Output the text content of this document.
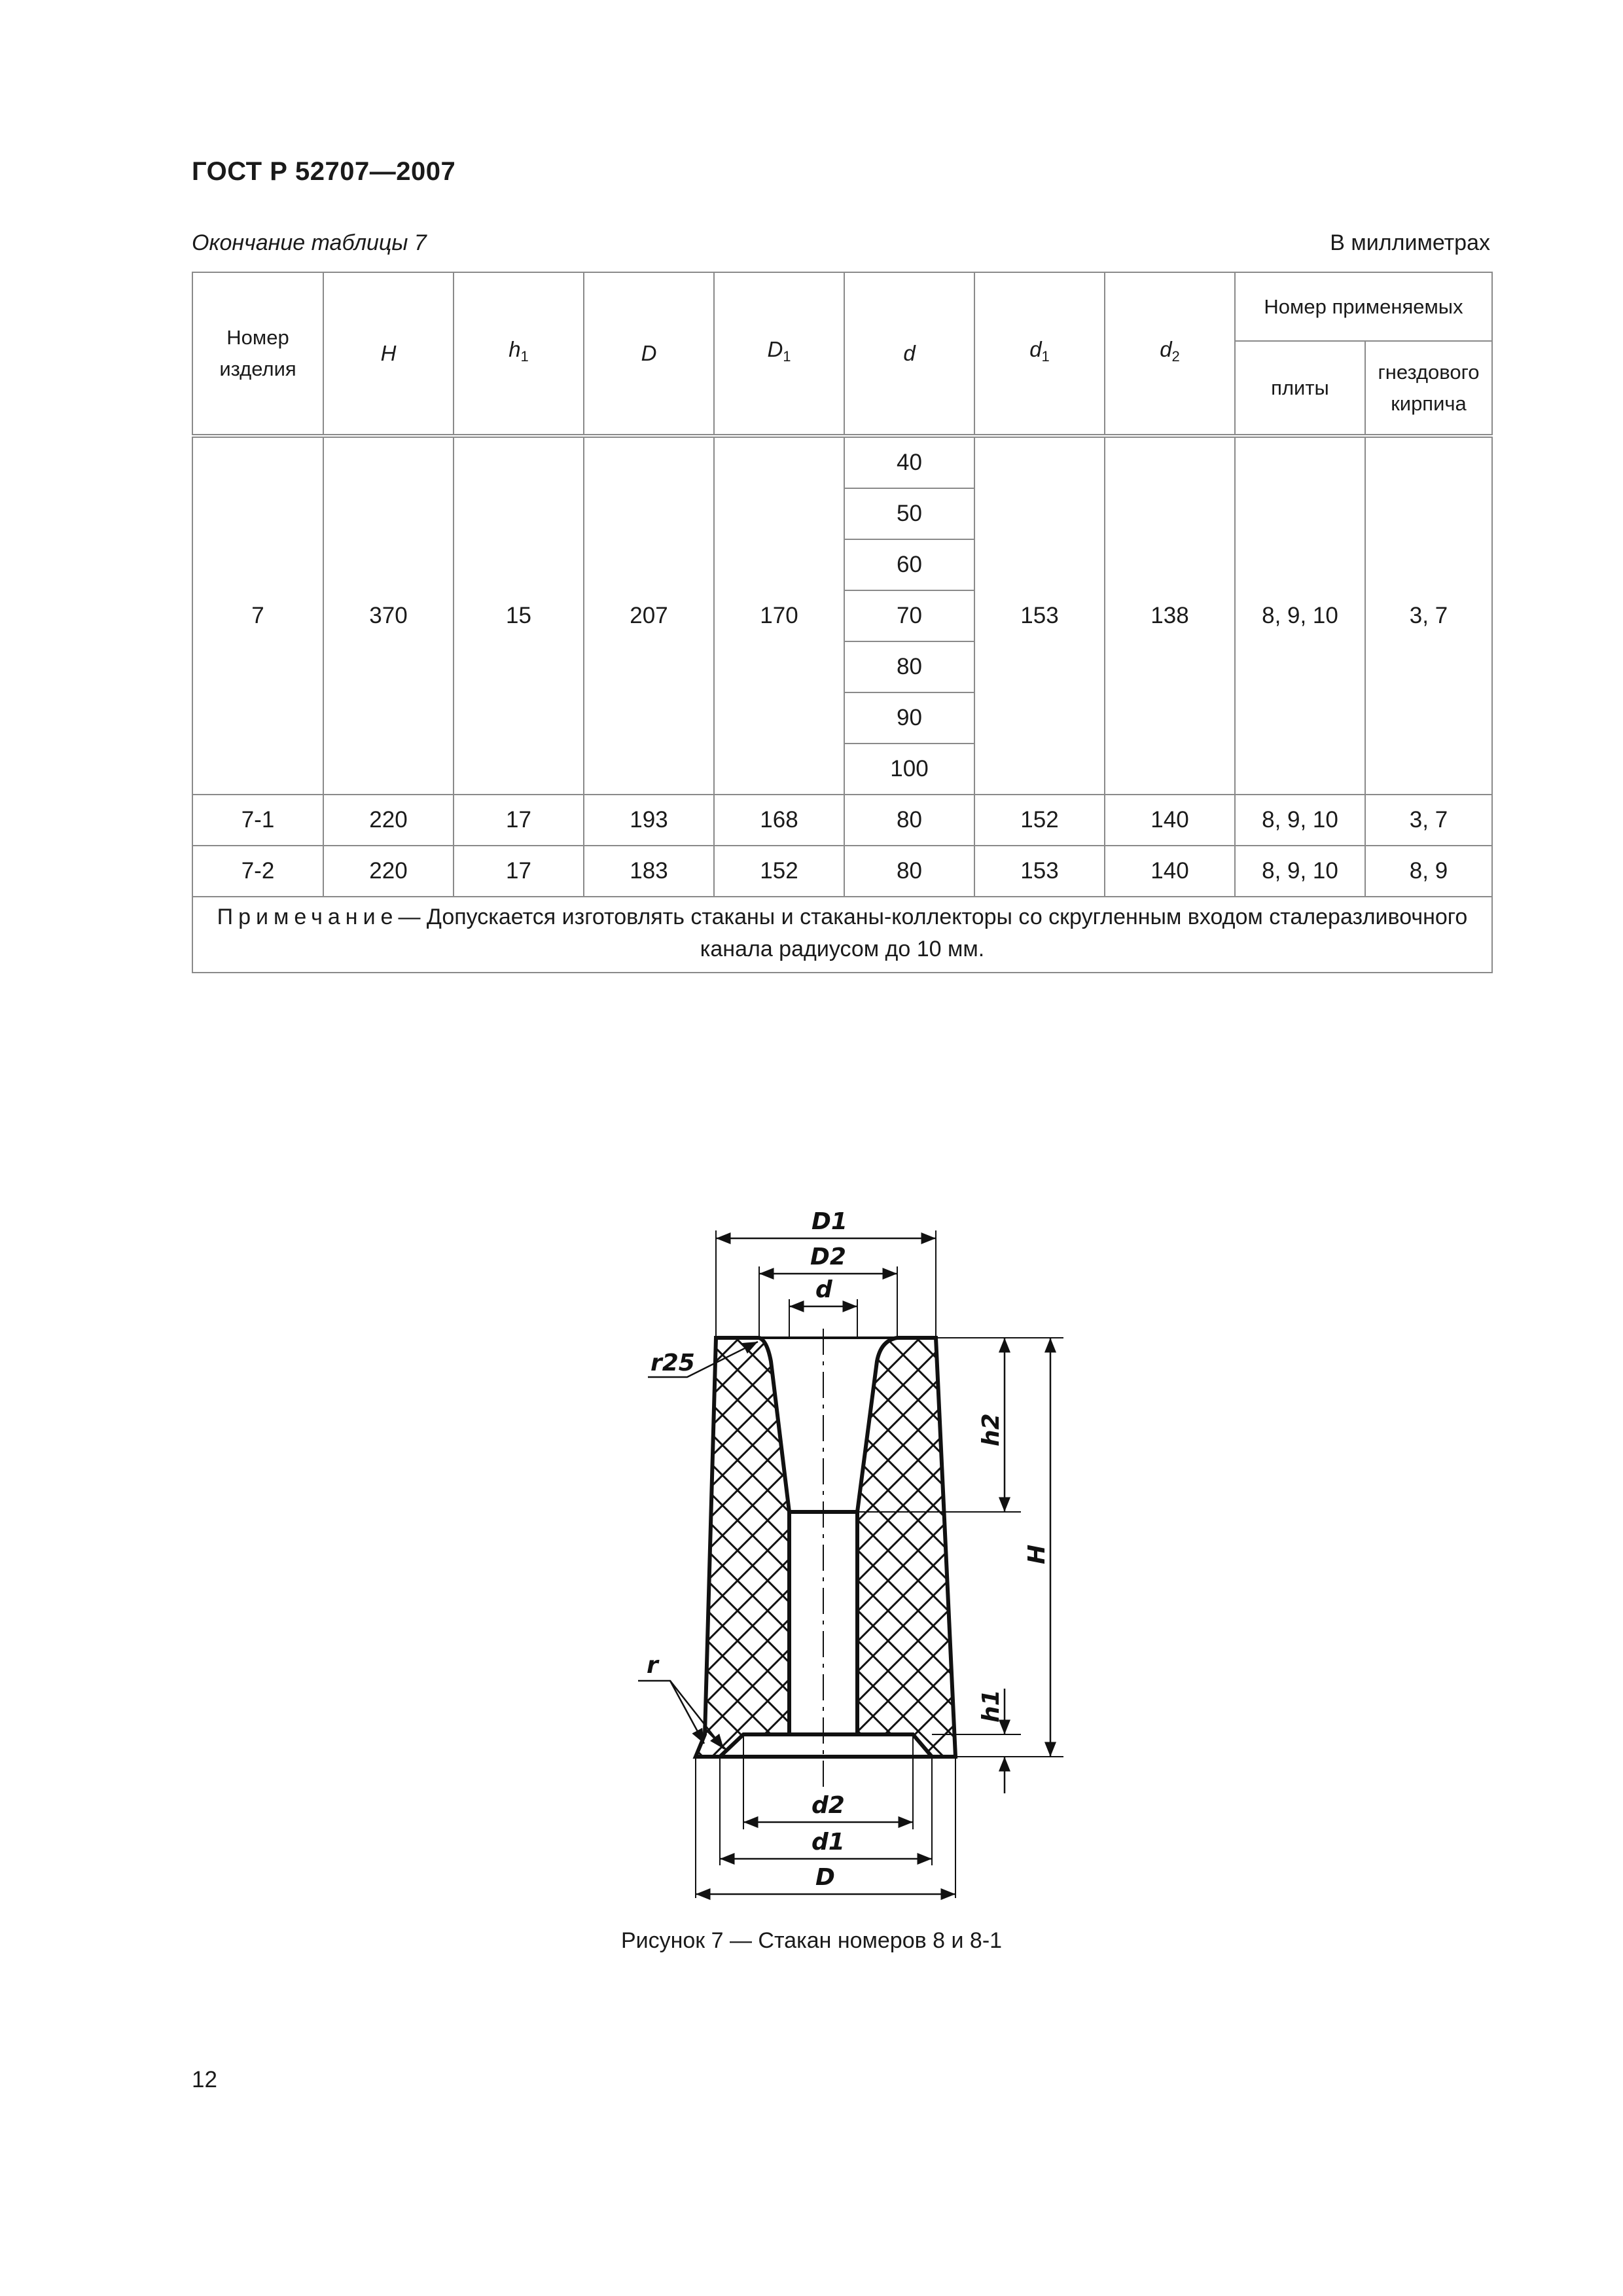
ГОСТ Р 52707—2007
Окончание таблицы 7	В миллиметрах
Номер изделия	H	$h_1$	D	$D_1$	d	$d_1$	$d_2$	Номер применяемых	
								плиты	гнездового кирпича
7	370	15	207	170	40	153	138	8, 9, 10	3, 7
					50				
					60				
					70				
					80				
					90				
					100				
7-1	220	17	193	168	80	152	140	8, 9, 10	3, 7
7-2	220	17	183	152	80	153	140	8, 9, 10	8, 9
Примечание— Допускается изготовлять стаканы и стаканы-коллекторы со скругленным входом сталеразливочного канала радиусом до 10 мм.									
D1
D2
d
r25
h2
H
r
h1
d2
d1
D
Рисунок 7 — Стакан номеров 8 и 8-1
12
